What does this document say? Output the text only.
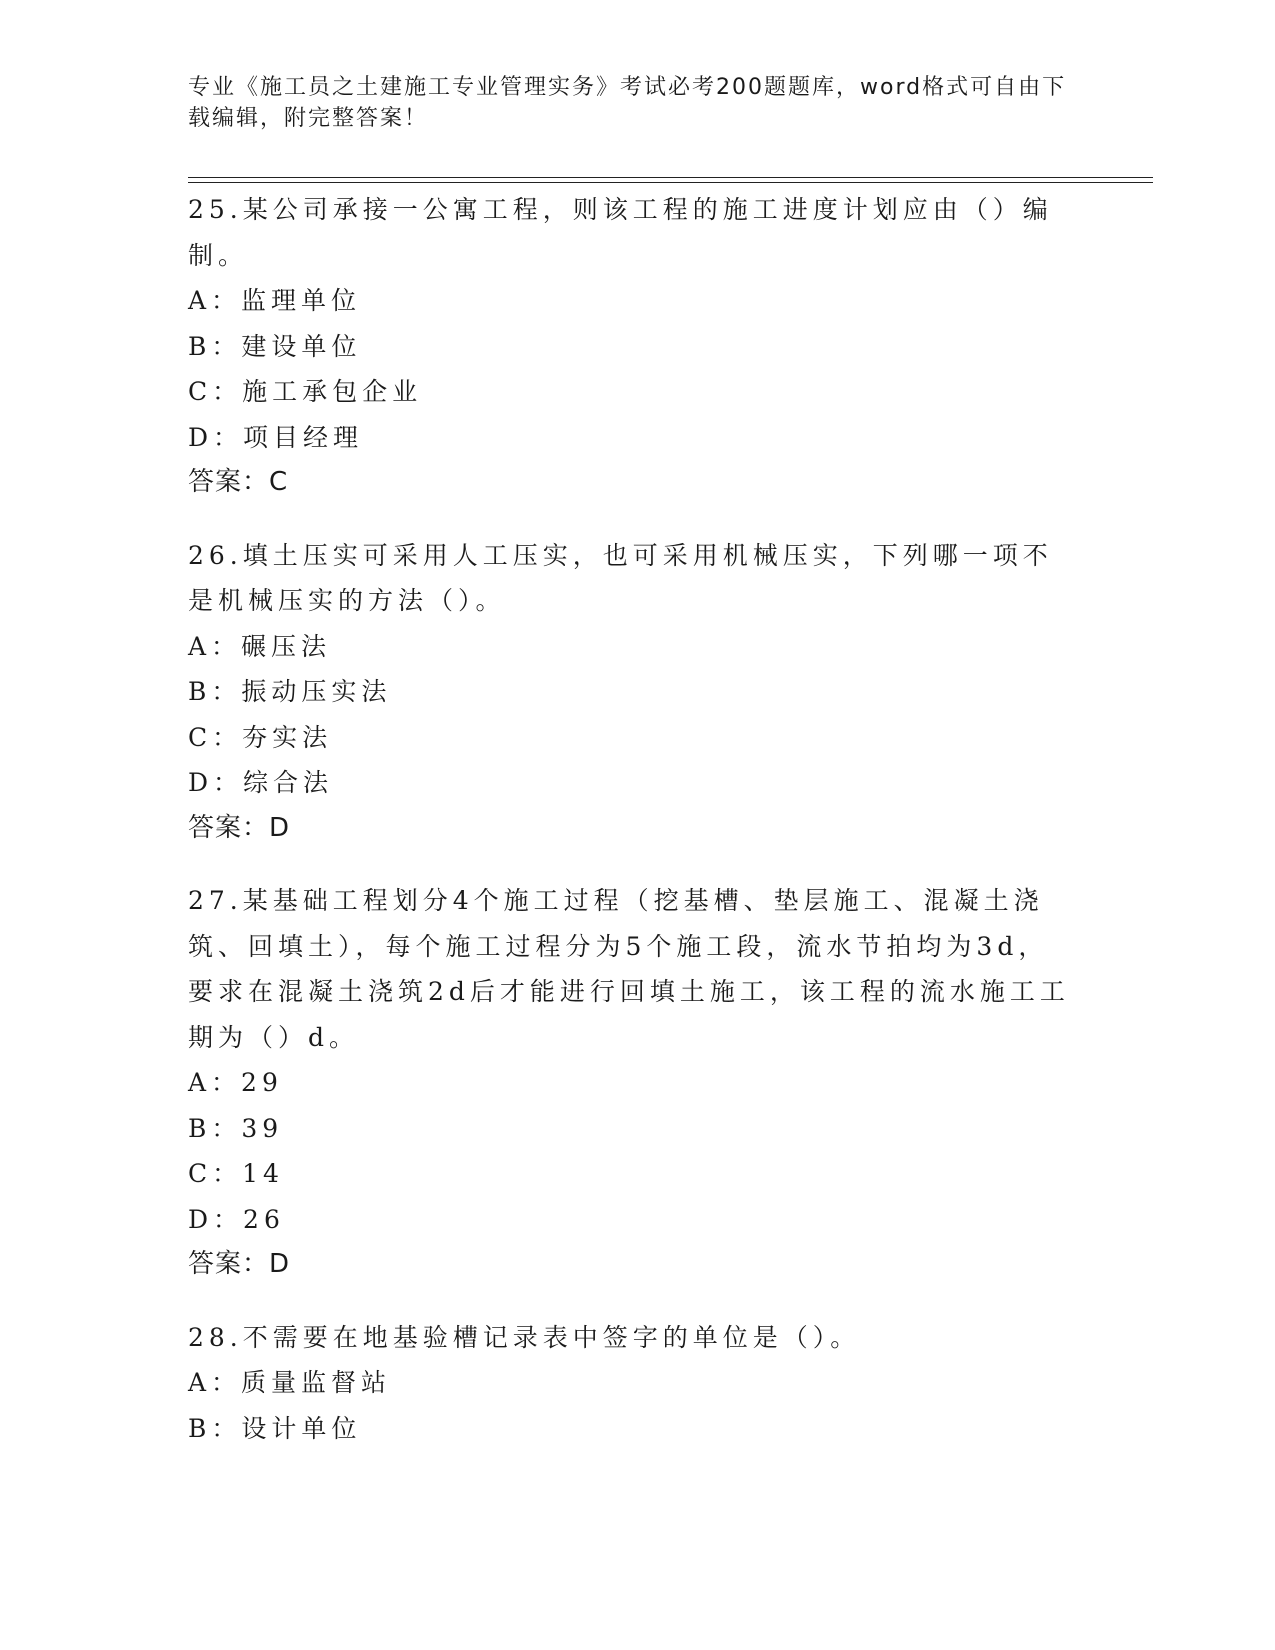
专业《施工员之土建施工专业管理实务》考试必考200题题库，word格式可自由下载编辑，附完整答案！

25.某公司承接一公寓工程，则该工程的施工进度计划应由（）编制。

A：监理单位

B：建设单位

C：施工承包企业

D：项目经理

答案：C

26.填土压实可采用人工压实，也可采用机械压实，下列哪一项不是机械压实的方法（）。

A：碾压法

B：振动压实法

C：夯实法

D：综合法

答案：D

27.某基础工程划分4个施工过程（挖基槽、垫层施工、混凝土浇筑、回填土），每个施工过程分为5个施工段，流水节拍均为3d，要求在混凝土浇筑2d后才能进行回填土施工，该工程的流水施工工期为（）d。

A：29

B：39

C：14

D：26

答案：D

28.不需要在地基验槽记录表中签字的单位是（）。

A：质量监督站

B：设计单位
